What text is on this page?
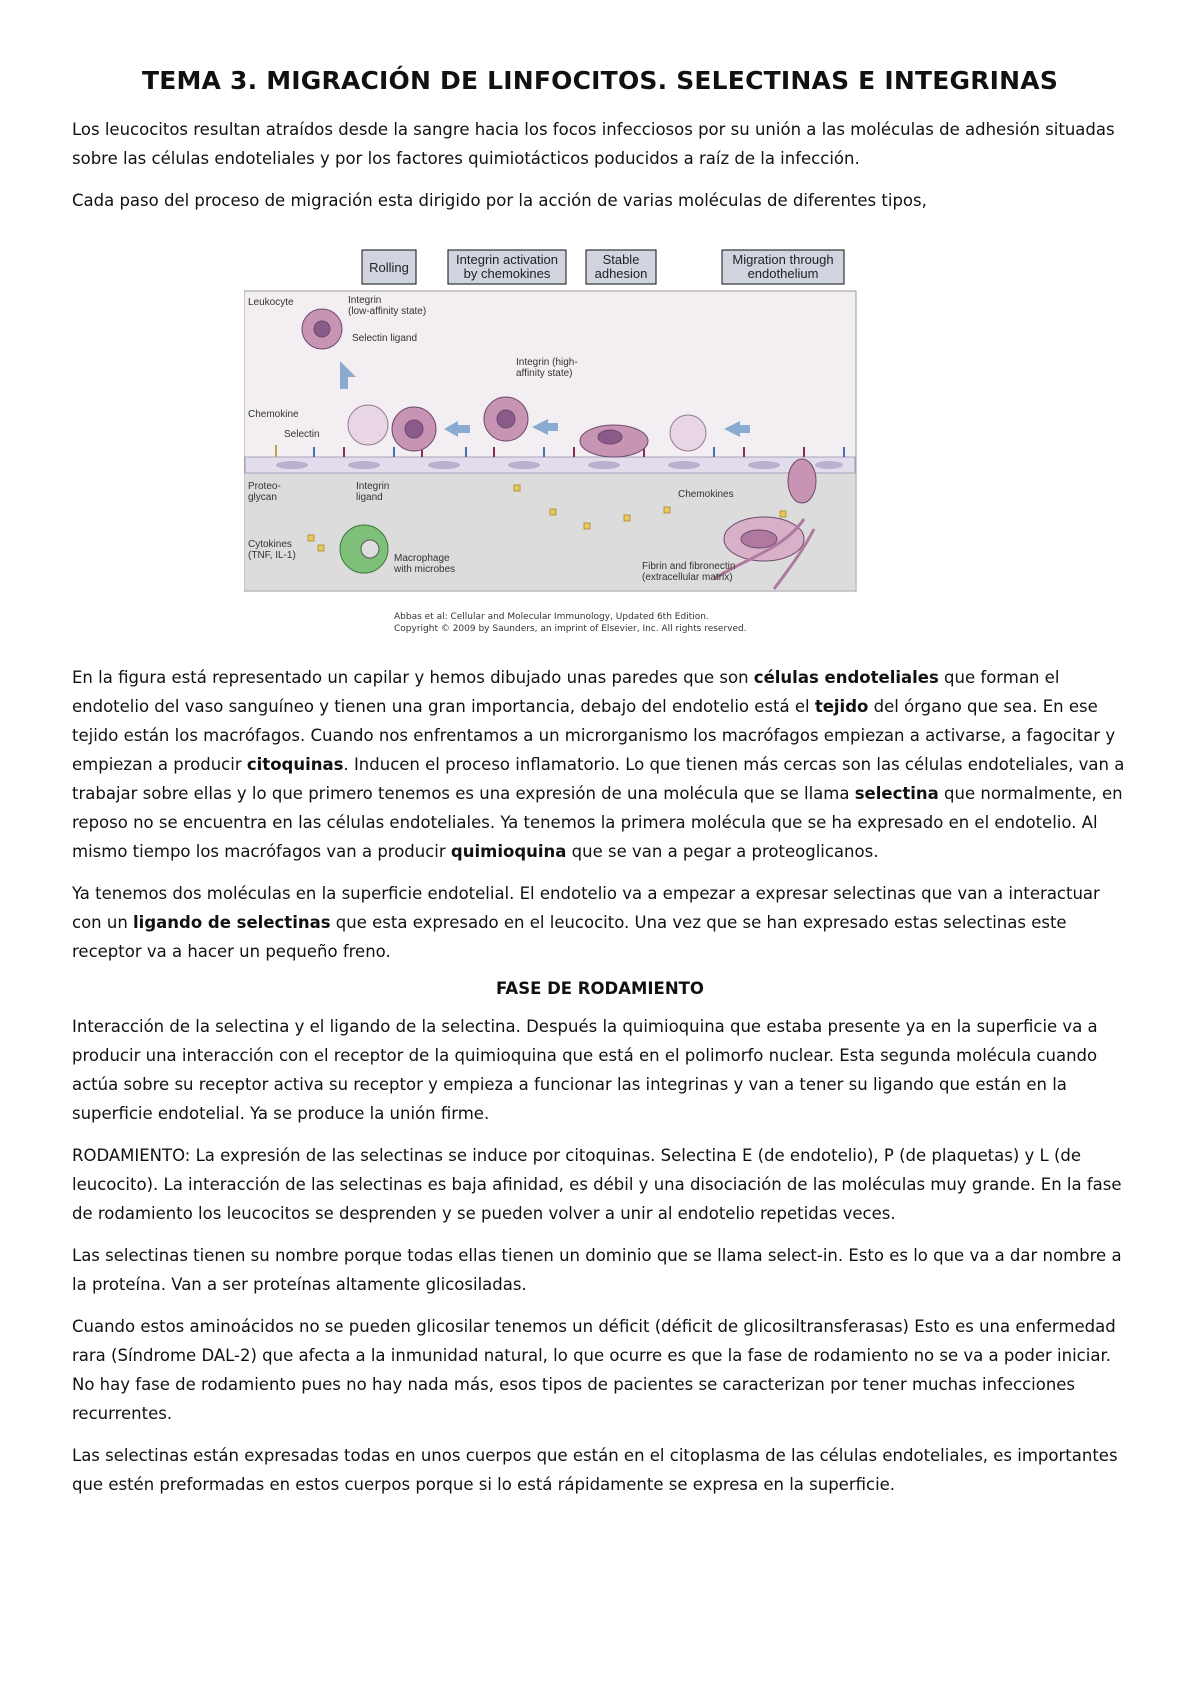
TEMA 3. MIGRACIÓN DE LINFOCITOS. SELECTINAS E INTEGRINAS

Los leucocitos resultan atraídos desde la sangre hacia los focos infecciosos por su unión a las moléculas de adhesión situadas sobre las células endoteliales y por los factores quimiotácticos poducidos a raíz de la infección.

Cada paso del proceso de migración esta dirigido por la acción de varias moléculas de diferentes tipos,

Rolling
Integrin activation
by chemokines
Stable
adhesion
Migration through
endothelium
Leukocyte	Integrin
(low-affinity state)
Selectin ligand
Integrin (high-
affinity state)
Chemokine
Selectin
Proteo-
glycan
Integrin
ligand	Chemokines
Cytokines
(TNF, IL-1)	Macrophage
with microbes	Fibrin and fibronectin
(extracellular matrix)
Abbas et al: Cellular and Molecular Immunology, Updated 6th Edition.
Copyright © 2009 by Saunders, an imprint of Elsevier, Inc. All rights reserved.

En la figura está representado un capilar y hemos dibujado unas paredes que son células endoteliales que forman el endotelio del vaso sanguíneo y tienen una gran importancia, debajo del endotelio está el tejido del órgano que sea. En ese tejido están los macrófagos. Cuando nos enfrentamos a un microrganismo los macrófagos empiezan a activarse, a fagocitar y empiezan a producir citoquinas. Inducen el proceso inflamatorio. Lo que tienen más cercas son las células endoteliales, van a trabajar sobre ellas y lo que primero tenemos es una expresión de una molécula que se llama selectina que normalmente, en reposo no se encuentra en las células endoteliales. Ya tenemos la primera molécula que se ha expresado en el endotelio. Al mismo tiempo los macrófagos van a producir quimioquina que se van a pegar a proteoglicanos.

Ya tenemos dos moléculas en la superficie endotelial. El endotelio va a empezar a expresar selectinas que van a interactuar con un ligando de selectinas que esta expresado en el leucocito. Una vez que se han expresado estas selectinas este receptor va a hacer un pequeño freno.

FASE DE RODAMIENTO

Interacción de la selectina y el ligando de la selectina. Después la quimioquina que estaba presente ya en la superficie va a producir una interacción con el receptor de la quimioquina que está en el polimorfo nuclear. Esta segunda molécula cuando actúa sobre su receptor activa su receptor y empieza a funcionar las integrinas y van a tener su ligando que están en la superficie endotelial. Ya se produce la unión firme.

RODAMIENTO: La expresión de las selectinas se induce por citoquinas. Selectina E (de endotelio), P (de plaquetas) y L (de leucocito). La interacción de las selectinas es baja afinidad, es débil y una disociación de las moléculas muy grande. En la fase de rodamiento los leucocitos se desprenden y se pueden volver a unir al endotelio repetidas veces.

Las selectinas tienen su nombre porque todas ellas tienen un dominio que se llama select-in. Esto es lo que va a dar nombre a la proteína. Van a ser proteínas altamente glicosiladas.

Cuando estos aminoácidos no se pueden glicosilar tenemos un déficit (déficit de glicosiltransferasas) Esto es una enfermedad rara (Síndrome DAL-2) que afecta a la inmunidad natural, lo que ocurre es que la fase de rodamiento no se va a poder iniciar. No hay fase de rodamiento pues no hay nada más, esos tipos de pacientes se caracterizan por tener muchas infecciones recurrentes.

Las selectinas están expresadas todas en unos cuerpos que están en el citoplasma de las células endoteliales, es importantes que estén preformadas en estos cuerpos porque si lo está rápidamente se expresa en la superficie.
